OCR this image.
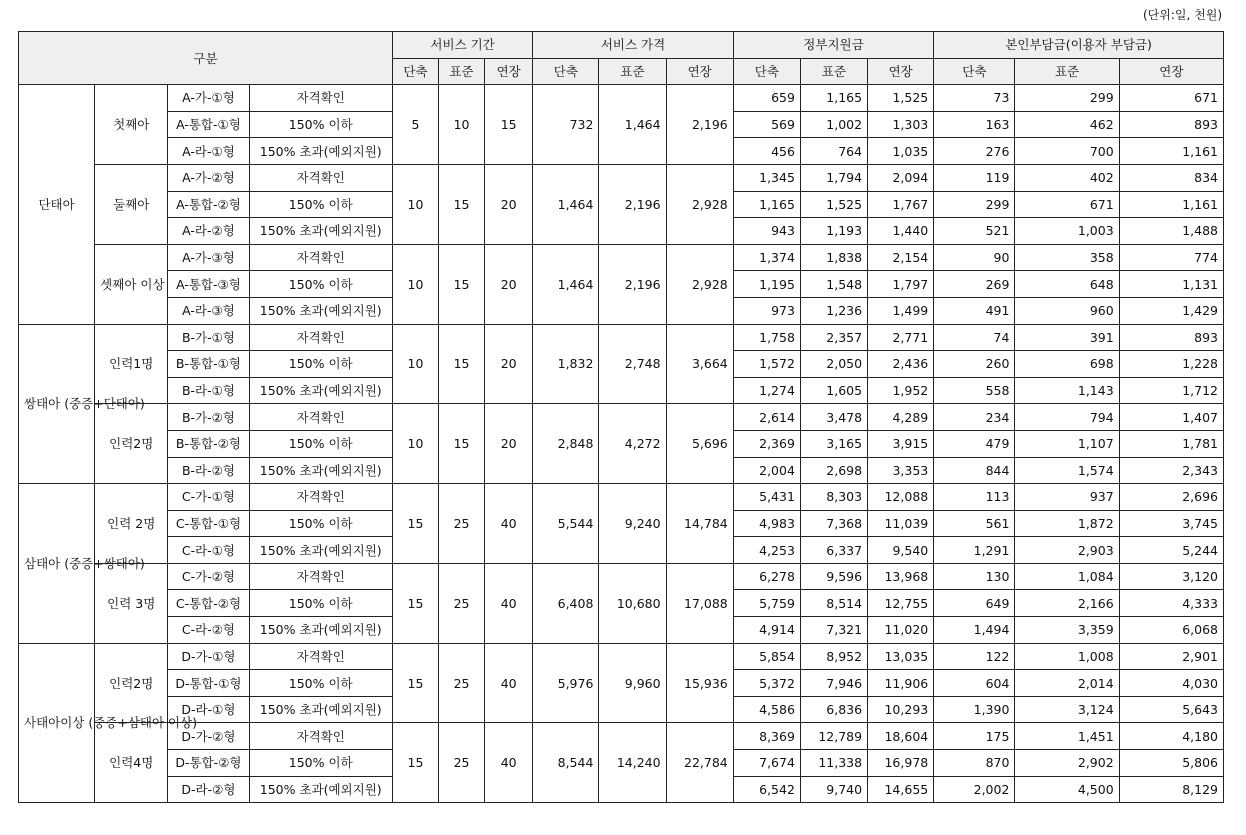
(단위:일, 천원)
구분				서비스 기간			서비스 가격			정부지원금			본인부담금(이용자 부담금)		
				단축	표준	연장	단축	표준	연장	단축	표준	연장	단축	표준	연장
단태아	첫째아	A-가-①형	자격확인	5	10	15	732	1,464	2,196	659	1,165	1,525	73	299	671
		A-통합-①형	150% 이하							569	1,002	1,303	163	462	893
		A-라-①형	150% 초과(예외지원)							456	764	1,035	276	700	1,161
	둘째아	A-가-②형	자격확인	10	15	20	1,464	2,196	2,928	1,345	1,794	2,094	119	402	834
		A-통합-②형	150% 이하							1,165	1,525	1,767	299	671	1,161
		A-라-②형	150% 초과(예외지원)							943	1,193	1,440	521	1,003	1,488
	셋째아 이상	A-가-③형	자격확인	10	15	20	1,464	2,196	2,928	1,374	1,838	2,154	90	358	774
		A-통합-③형	150% 이하							1,195	1,548	1,797	269	648	1,131
		A-라-③형	150% 초과(예외지원)							973	1,236	1,499	491	960	1,429
쌍태아 (중증+단태아)	인력1명	B-가-①형	자격확인	10	15	20	1,832	2,748	3,664	1,758	2,357	2,771	74	391	893
		B-통합-①형	150% 이하							1,572	2,050	2,436	260	698	1,228
		B-라-①형	150% 초과(예외지원)							1,274	1,605	1,952	558	1,143	1,712
	인력2명	B-가-②형	자격확인	10	15	20	2,848	4,272	5,696	2,614	3,478	4,289	234	794	1,407
		B-통합-②형	150% 이하							2,369	3,165	3,915	479	1,107	1,781
		B-라-②형	150% 초과(예외지원)							2,004	2,698	3,353	844	1,574	2,343
삼태아 (중증+쌍태아)	인력 2명	C-가-①형	자격확인	15	25	40	5,544	9,240	14,784	5,431	8,303	12,088	113	937	2,696
		C-통합-①형	150% 이하							4,983	7,368	11,039	561	1,872	3,745
		C-라-①형	150% 초과(예외지원)							4,253	6,337	9,540	1,291	2,903	5,244
	인력 3명	C-가-②형	자격확인	15	25	40	6,408	10,680	17,088	6,278	9,596	13,968	130	1,084	3,120
		C-통합-②형	150% 이하							5,759	8,514	12,755	649	2,166	4,333
		C-라-②형	150% 초과(예외지원)							4,914	7,321	11,020	1,494	3,359	6,068
사태아이상 (중증+삼태아 이상)	인력2명	D-가-①형	자격확인	15	25	40	5,976	9,960	15,936	5,854	8,952	13,035	122	1,008	2,901
		D-통합-①형	150% 이하							5,372	7,946	11,906	604	2,014	4,030
		D-라-①형	150% 초과(예외지원)							4,586	6,836	10,293	1,390	3,124	5,643
	인력4명	D-가-②형	자격확인	15	25	40	8,544	14,240	22,784	8,369	12,789	18,604	175	1,451	4,180
		D-통합-②형	150% 이하							7,674	11,338	16,978	870	2,902	5,806
		D-라-②형	150% 초과(예외지원)							6,542	9,740	14,655	2,002	4,500	8,129
